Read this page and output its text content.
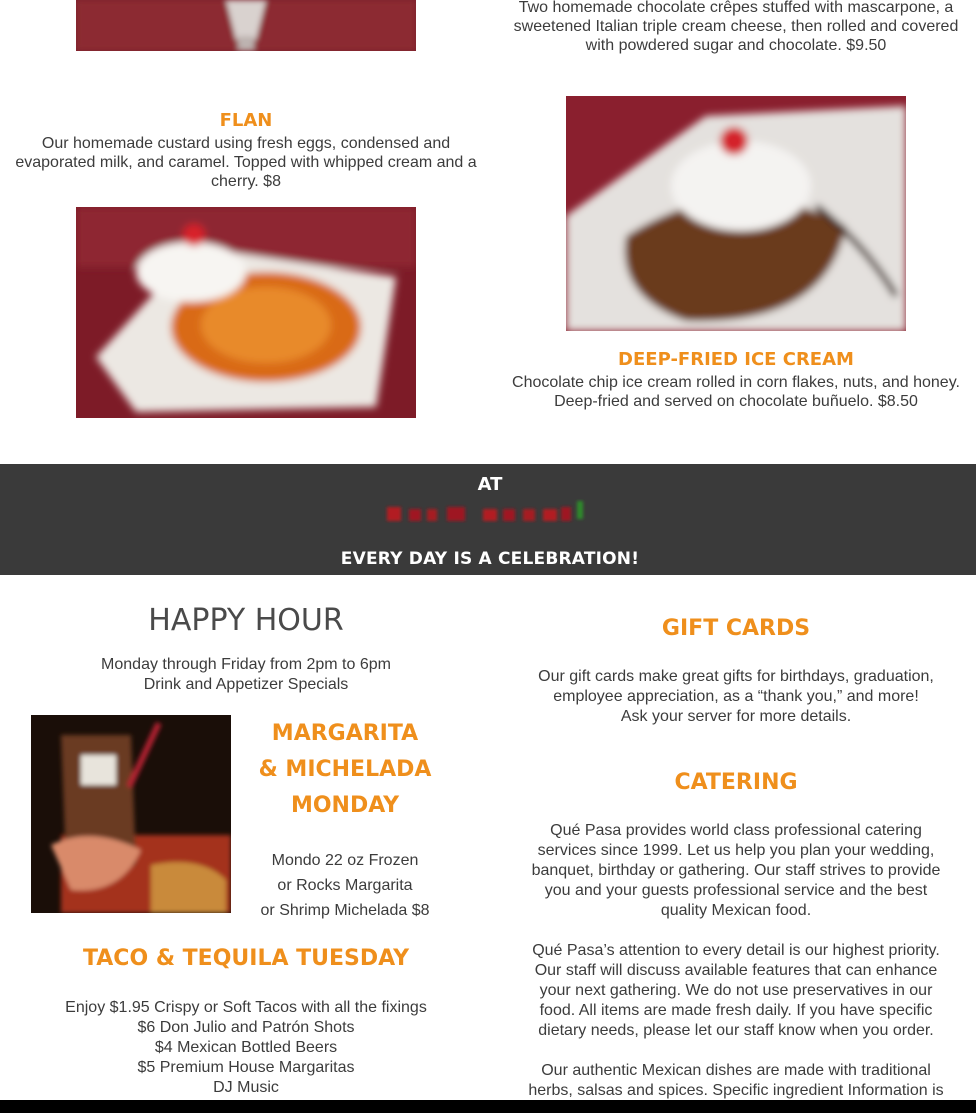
Two homemade chocolate crêpes stuffed with mascarpone, a sweetened Italian triple cream cheese, then rolled and covered with powdered sugar and chocolate. $9.50
FLAN
Our homemade custard using fresh eggs, condensed and evaporated milk, and caramel. Topped with whipped cream and a cherry. $8
DEEP-FRIED ICE CREAM
Chocolate chip ice cream rolled in corn flakes, nuts, and honey. Deep-fried and served on chocolate buñuelo. $8.50
AT
EVERY DAY IS A CELEBRATION!
HAPPY HOUR
Monday through Friday from 2pm to 6pm
Drink and Appetizer Specials
MARGARITA
& MICHELADA
MONDAY
Mondo 22 oz Frozen
or Rocks Margarita
or Shrimp Michelada $8
TACO & TEQUILA TUESDAY
Enjoy $1.95 Crispy or Soft Tacos with all the fixings
$6 Don Julio and Patrón Shots
$4 Mexican Bottled Beers
$5 Premium House Margaritas
DJ Music
GIFT CARDS
Our gift cards make great gifts for birthdays, graduation,
employee appreciation, as a “thank you,” and more!
Ask your server for more details.
CATERING
Qué Pasa provides world class professional catering services since 1999. Let us help you plan your wedding, banquet, birthday or gathering. Our staff strives to provide you and your guests professional service and the best quality Mexican food.
Qué Pasa’s attention to every detail is our highest priority. Our staff will discuss available features that can enhance your next gathering. We do not use preservatives in our food. All items are made fresh daily. If you have specific dietary needs, please let our staff know when you order.
Our authentic Mexican dishes are made with traditional herbs, salsas and spices. Specific ingredient Information is
